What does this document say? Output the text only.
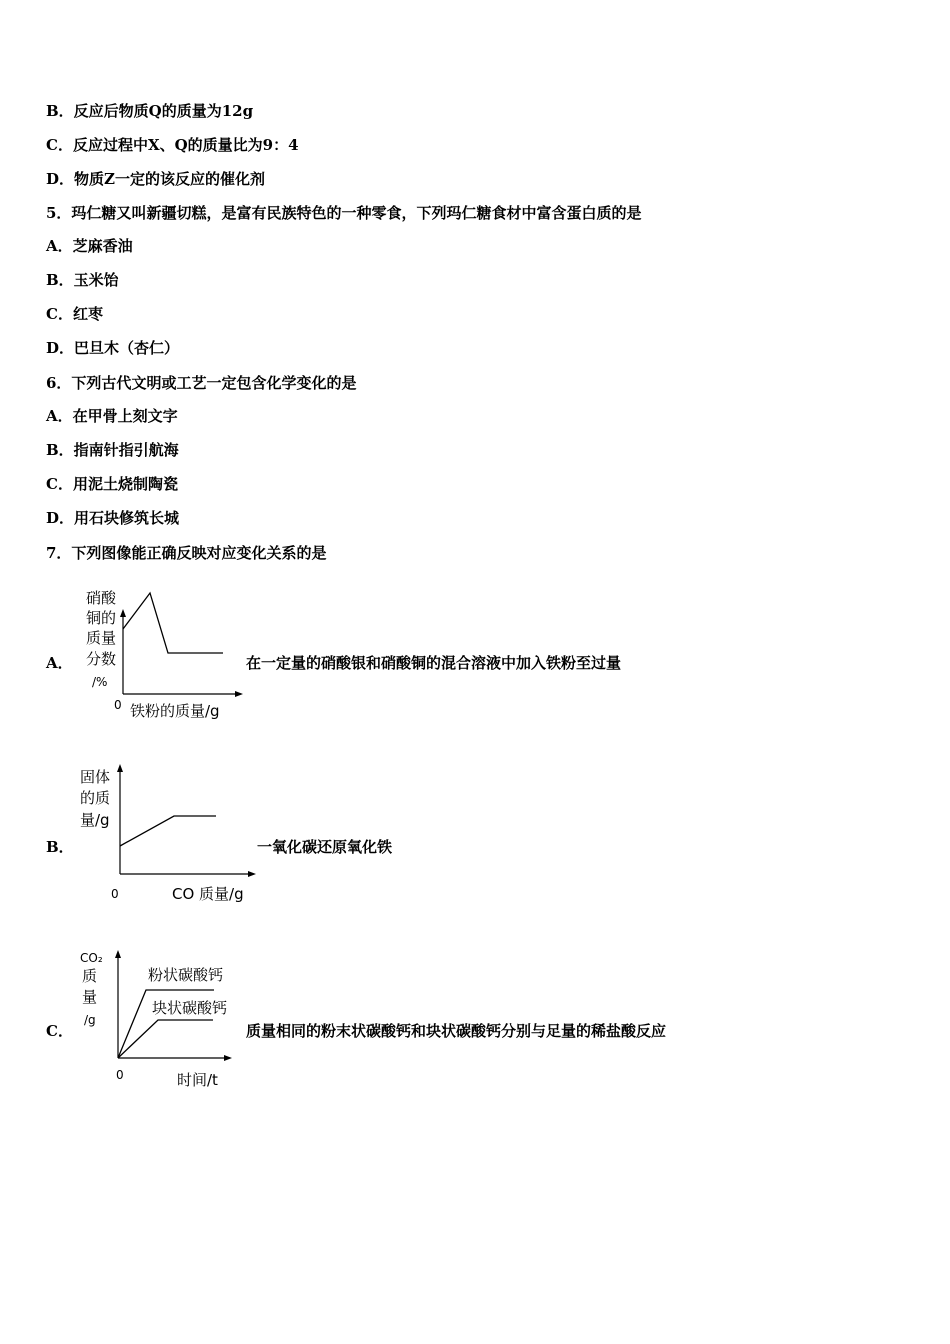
B．反应后物质Q的质量为12g
C．反应过程中X、Q的质量比为9：4
D．物质Z一定的该反应的催化剂
5．玛仁糖又叫新疆切糕，是富有民族特色的一种零食，下列玛仁糖食材中富含蛋白质的是
A．芝麻香油
B．玉米饴
C．红枣
D．巴旦木（杏仁）
6．下列古代文明或工艺一定包含化学变化的是
A．在甲骨上刻文字
B．指南针指引航海
C．用泥土烧制陶瓷
D．用石块修筑长城
7．下列图像能正确反映对应变化关系的是
A．
硝酸
铜的
质量
分数
/%
0 铁粉的质量/g
在一定量的硝酸银和硝酸铜的混合溶液中加入铁粉至过量
B．
固体
的质
量/g
0	CO 质量/g
一氧化碳还原氧化铁
C．
CO₂
质
量
/g
粉状碳酸钙
块状碳酸钙
0	时间/t
质量相同的粉末状碳酸钙和块状碳酸钙分别与足量的稀盐酸反应
